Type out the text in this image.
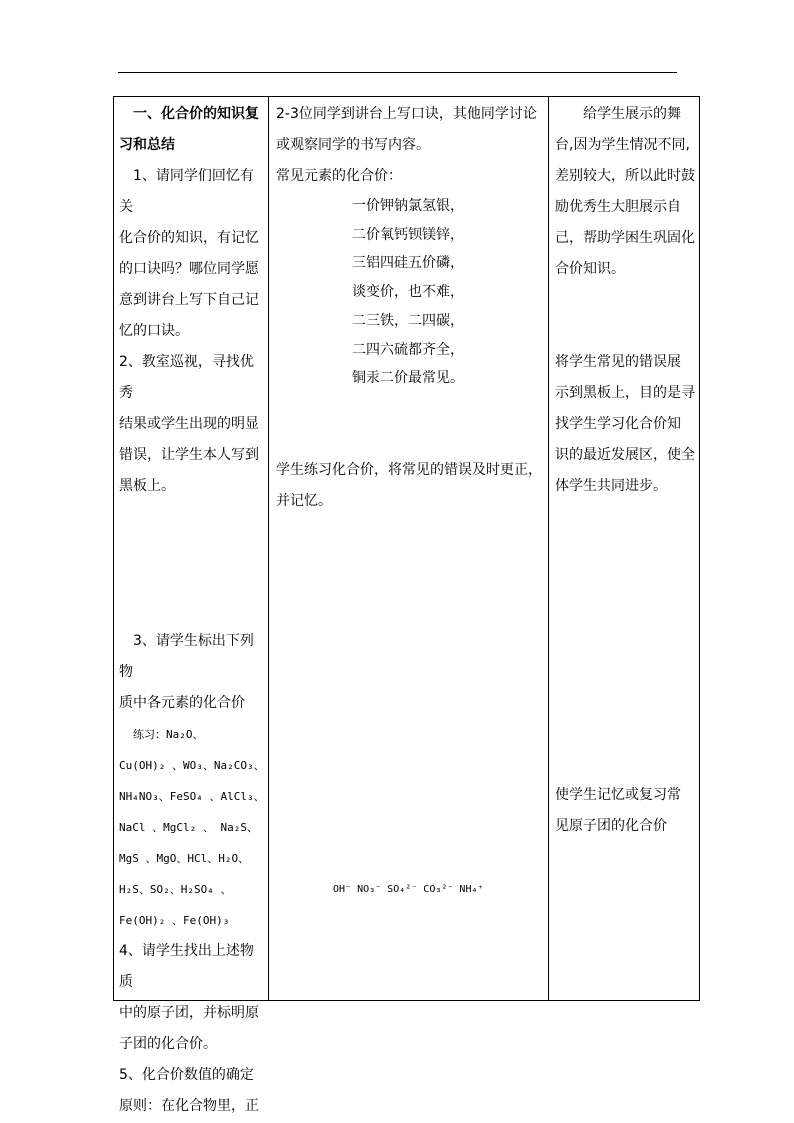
一、化合价的知识复

习和总结

1、请同学们回忆有关

化合价的知识，有记忆

的口诀吗？哪位同学愿

意到讲台上写下自己记

忆的口诀。

2、教室巡视，寻找优秀

结果或学生出现的明显

错误，让学生本人写到

黑板上。

3、请学生标出下列物

质中各元素的化合价

练习：Na₂O、

Cu(OH)₂ 、WO₃、Na₂CO₃、

NH₄NO₃、FeSO₄ 、AlCl₃、

NaCl 、MgCl₂ 、 Na₂S、

MgS 、MgO、HCl、H₂O、

H₂S、SO₂、H₂SO₄ 、

Fe(OH)₂ 、Fe(OH)₃

4、请学生找出上述物质

中的原子团，并标明原

子团的化合价。

5、化合价数值的确定

原则：在化合物里，正

2-3位同学到讲台上写口诀，其他同学讨论

或观察同学的书写内容。

常见元素的化合价：

一价钾钠氯氢银，

二价氧钙钡镁锌，

三铝四硅五价磷，

谈变价，也不难，

二三铁，二四碳，

二四六硫都齐全，

铜汞二价最常见。

学生练习化合价，将常见的错误及时更正，

并记忆。

OH⁻ NO₃⁻ SO₄²⁻ CO₃²⁻ NH₄⁺

给学生展示的舞

台,因为学生情况不同,

差别较大，所以此时鼓

励优秀生大胆展示自

己，帮助学困生巩固化

合价知识。

将学生常见的错误展

示到黑板上，目的是寻

找学生学习化合价知

识的最近发展区，使全

体学生共同进步。

使学生记忆或复习常

见原子团的化合价
